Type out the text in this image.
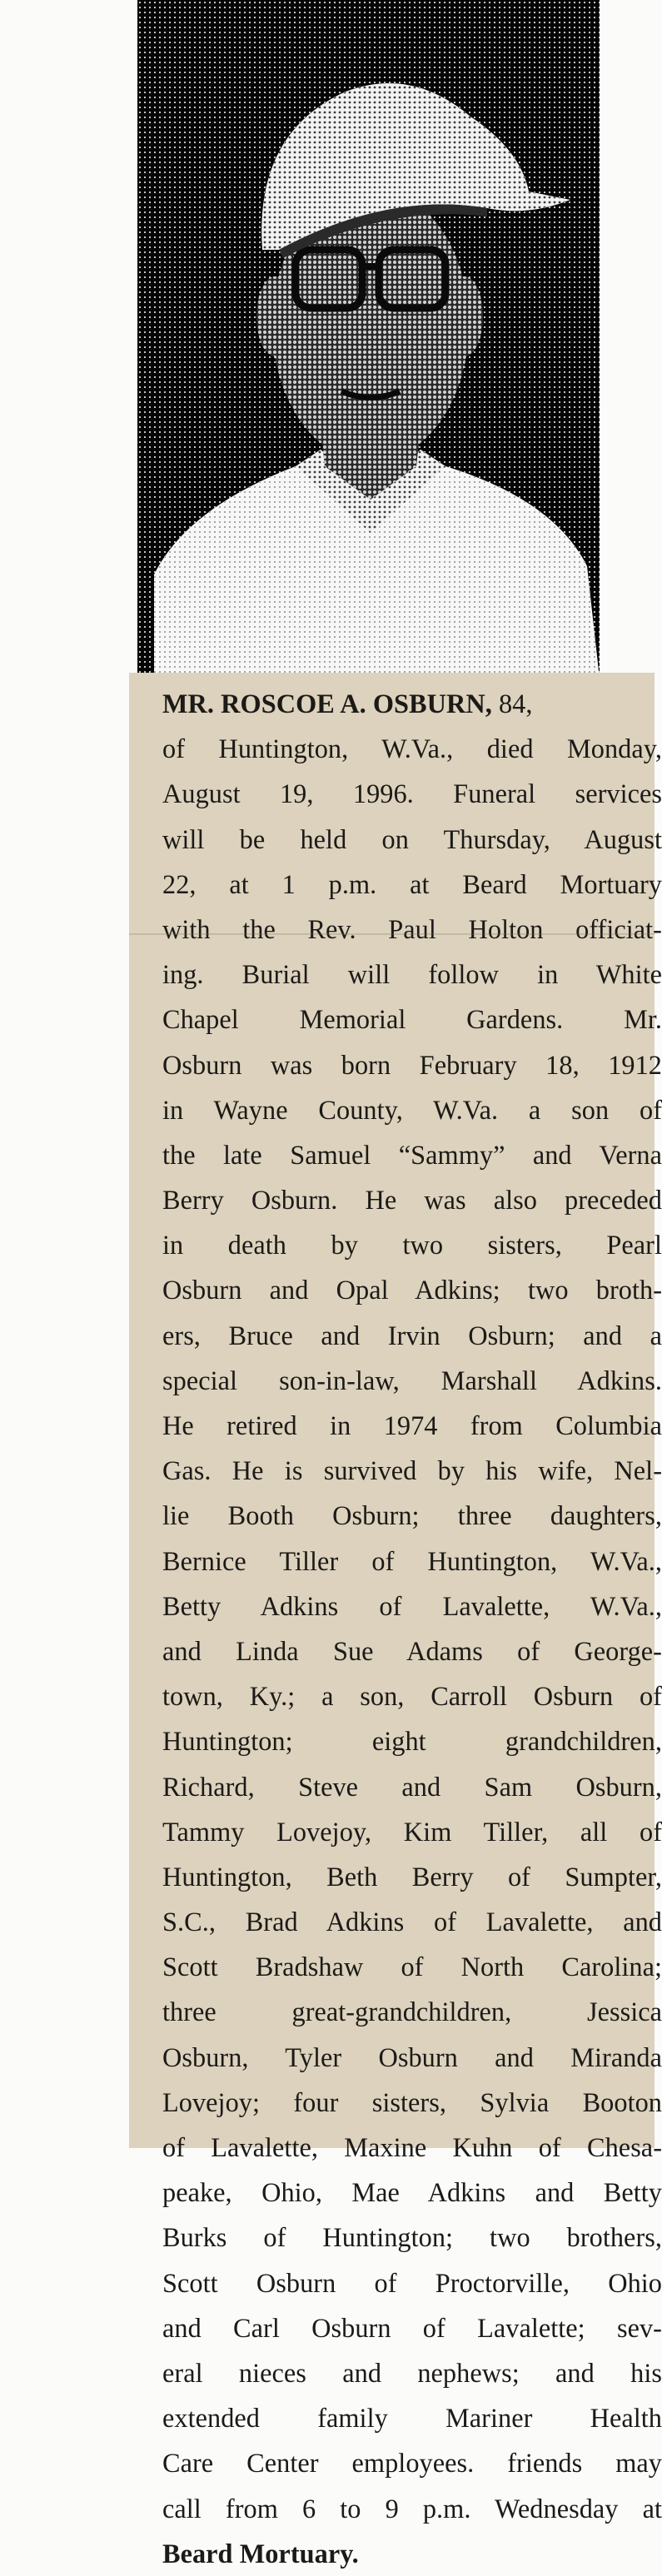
MR. ROSCOE A. OSBURN, 84,
of Huntington, W.Va., died Monday,
August 19, 1996. Funeral services
will be held on Thursday, August
22, at 1 p.m. at Beard Mortuary
with the Rev. Paul Holton officiat-
ing. Burial will follow in White
Chapel Memorial Gardens. Mr.
Osburn was born February 18, 1912
in Wayne County, W.Va. a son of
the late Samuel “Sammy” and Verna
Berry Osburn. He was also preceded
in death by two sisters, Pearl
Osburn and Opal Adkins; two broth-
ers, Bruce and Irvin Osburn; and a
special son-in-law, Marshall Adkins.
He retired in 1974 from Columbia
Gas. He is survived by his wife, Nel-
lie Booth Osburn; three daughters,
Bernice Tiller of Huntington, W.Va.,
Betty Adkins of Lavalette, W.Va.,
and Linda Sue Adams of George-
town, Ky.; a son, Carroll Osburn of
Huntington; eight grandchildren,
Richard, Steve and Sam Osburn,
Tammy Lovejoy, Kim Tiller, all of
Huntington, Beth Berry of Sumpter,
S.C., Brad Adkins of Lavalette, and
Scott Bradshaw of North Carolina;
three great-grandchildren, Jessica
Osburn, Tyler Osburn and Miranda
Lovejoy; four sisters, Sylvia Booton
of Lavalette, Maxine Kuhn of Chesa-
peake, Ohio, Mae Adkins and Betty
Burks of Huntington; two brothers,
Scott Osburn of Proctorville, Ohio
and Carl Osburn of Lavalette; sev-
eral nieces and nephews; and his
extended family Mariner Health
Care Center employees. friends may
call from 6 to 9 p.m. Wednesday at
Beard Mortuary.
